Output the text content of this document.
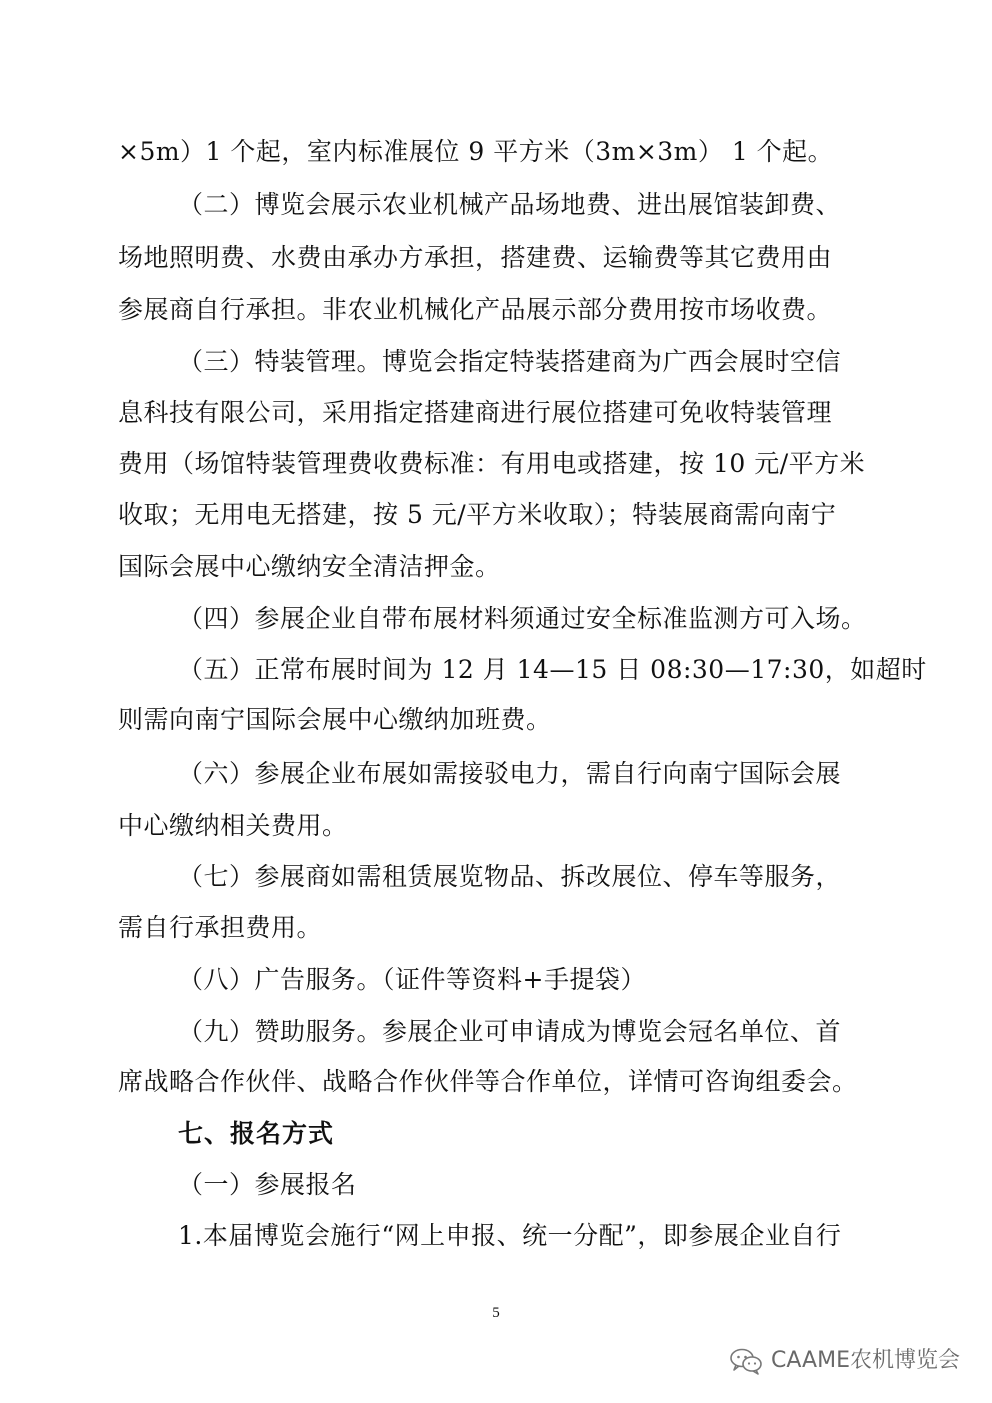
×5m）1 个起，室内标准展位 9 平方米（3m×3m） 1 个起。
（二）博览会展示农业机械产品场地费、进出展馆装卸费、
场地照明费、水费由承办方承担，搭建费、运输费等其它费用由
参展商自行承担。非农业机械化产品展示部分费用按市场收费。
（三）特装管理。博览会指定特装搭建商为广西会展时空信
息科技有限公司，采用指定搭建商进行展位搭建可免收特装管理
费用（场馆特装管理费收费标准：有用电或搭建，按 10 元/平方米
收取；无用电无搭建，按 5 元/平方米收取）；特装展商需向南宁
国际会展中心缴纳安全清洁押金。
（四）参展企业自带布展材料须通过安全标准监测方可入场。
（五）正常布展时间为 12 月 14—15 日 08:30—17:30，如超时
则需向南宁国际会展中心缴纳加班费。
（六）参展企业布展如需接驳电力，需自行向南宁国际会展
中心缴纳相关费用。
（七）参展商如需租赁展览物品、拆改展位、停车等服务，
需自行承担费用。
（八）广告服务。（证件等资料+手提袋）
（九）赞助服务。参展企业可申请成为博览会冠名单位、首
席战略合作伙伴、战略合作伙伴等合作单位，详情可咨询组委会。
七、报名方式
（一）参展报名
1.本届博览会施行“网上申报、统一分配”，即参展企业自行
5
CAAME农机博览会
